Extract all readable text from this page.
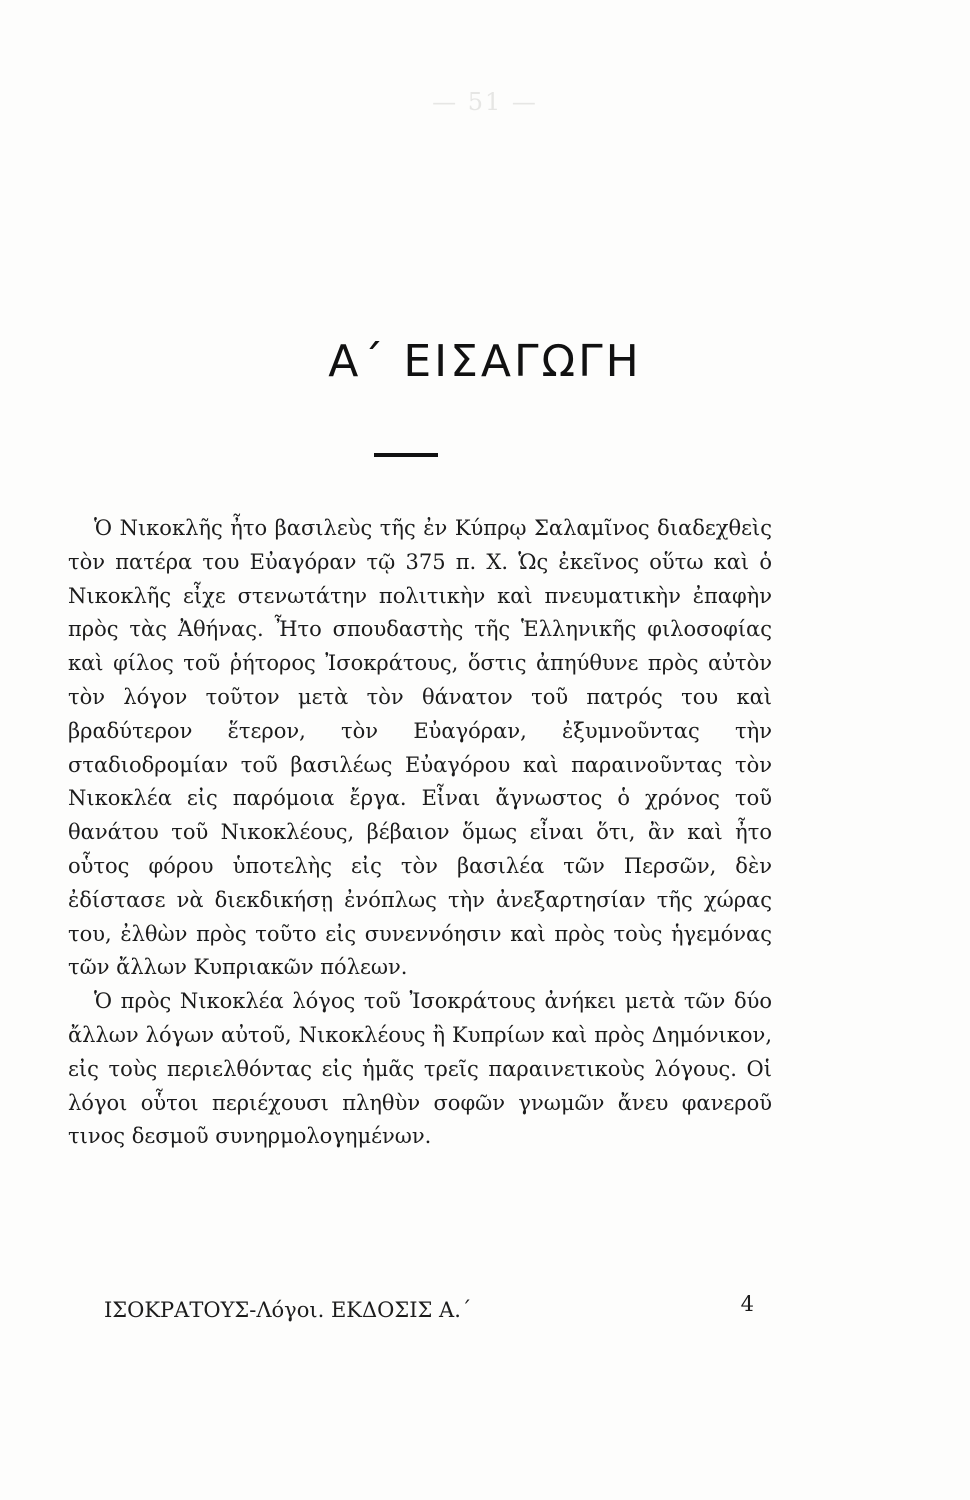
— 51 —
Α΄ ΕΙΣΑΓΩΓΗ

Ὁ Νικοκλῆς ἦτο βασιλεὺς τῆς ἐν Κύπρῳ Σαλαμῖνος διαδεχθεὶς τὸν πατέρα του Εὐαγόραν τῷ 375 π. Χ. Ὡς ἐκεῖνος οὕτω καὶ ὁ Νικοκλῆς εἶχε στενωτάτην πολιτικὴν καὶ πνευματικὴν ἐπαφὴν πρὸς τὰς Ἀθήνας. Ἦτο σπουδαστὴς τῆς Ἑλληνικῆς φιλοσοφίας καὶ φίλος τοῦ ῥήτορος Ἰσοκράτους, ὅστις ἀπηύθυνε πρὸς αὐτὸν τὸν λόγον τοῦτον μετὰ τὸν θάνατον τοῦ πατρός του καὶ βραδύτερον ἕτερον, τὸν Εὐαγόραν, ἐξυμνοῦντας τὴν σταδιοδρομίαν τοῦ βασιλέως Εὐαγόρου καὶ παραινοῦντας τὸν Νικοκλέα εἰς παρόμοια ἔργα. Εἶναι ἄγνωστος ὁ χρόνος τοῦ θανάτου τοῦ Νικοκλέους, βέβαιον ὅμως εἶναι ὅτι, ἂν καὶ ἦτο οὗτος φόρου ὑποτελὴς εἰς τὸν βασιλέα τῶν Περσῶν, δὲν ἐδίστασε νὰ διεκδικήσῃ ἐνόπλως τὴν ἀνεξαρτησίαν τῆς χώρας του, ἐλθὼν πρὸς τοῦτο εἰς συνεννόησιν καὶ πρὸς τοὺς ἡγεμόνας τῶν ἄλλων Κυπριακῶν πόλεων.

Ὁ πρὸς Νικοκλέα λόγος τοῦ Ἰσοκράτους ἀνήκει μετὰ τῶν δύο ἄλλων λόγων αὐτοῦ, Νικοκλέους ἢ Κυπρίων καὶ πρὸς Δημόνικον, εἰς τοὺς περιελθόντας εἰς ἡμᾶς τρεῖς παραινετικοὺς λόγους. Οἱ λόγοι οὗτοι περιέχουσι πληθὺν σοφῶν γνωμῶν ἄνευ φανεροῦ τινος δεσμοῦ συνηρμολογημένων.

ΙΣΟΚΡΑΤΟΥΣ-Λόγοι. ΕΚΔΟΣΙΣ Α.΄	4
